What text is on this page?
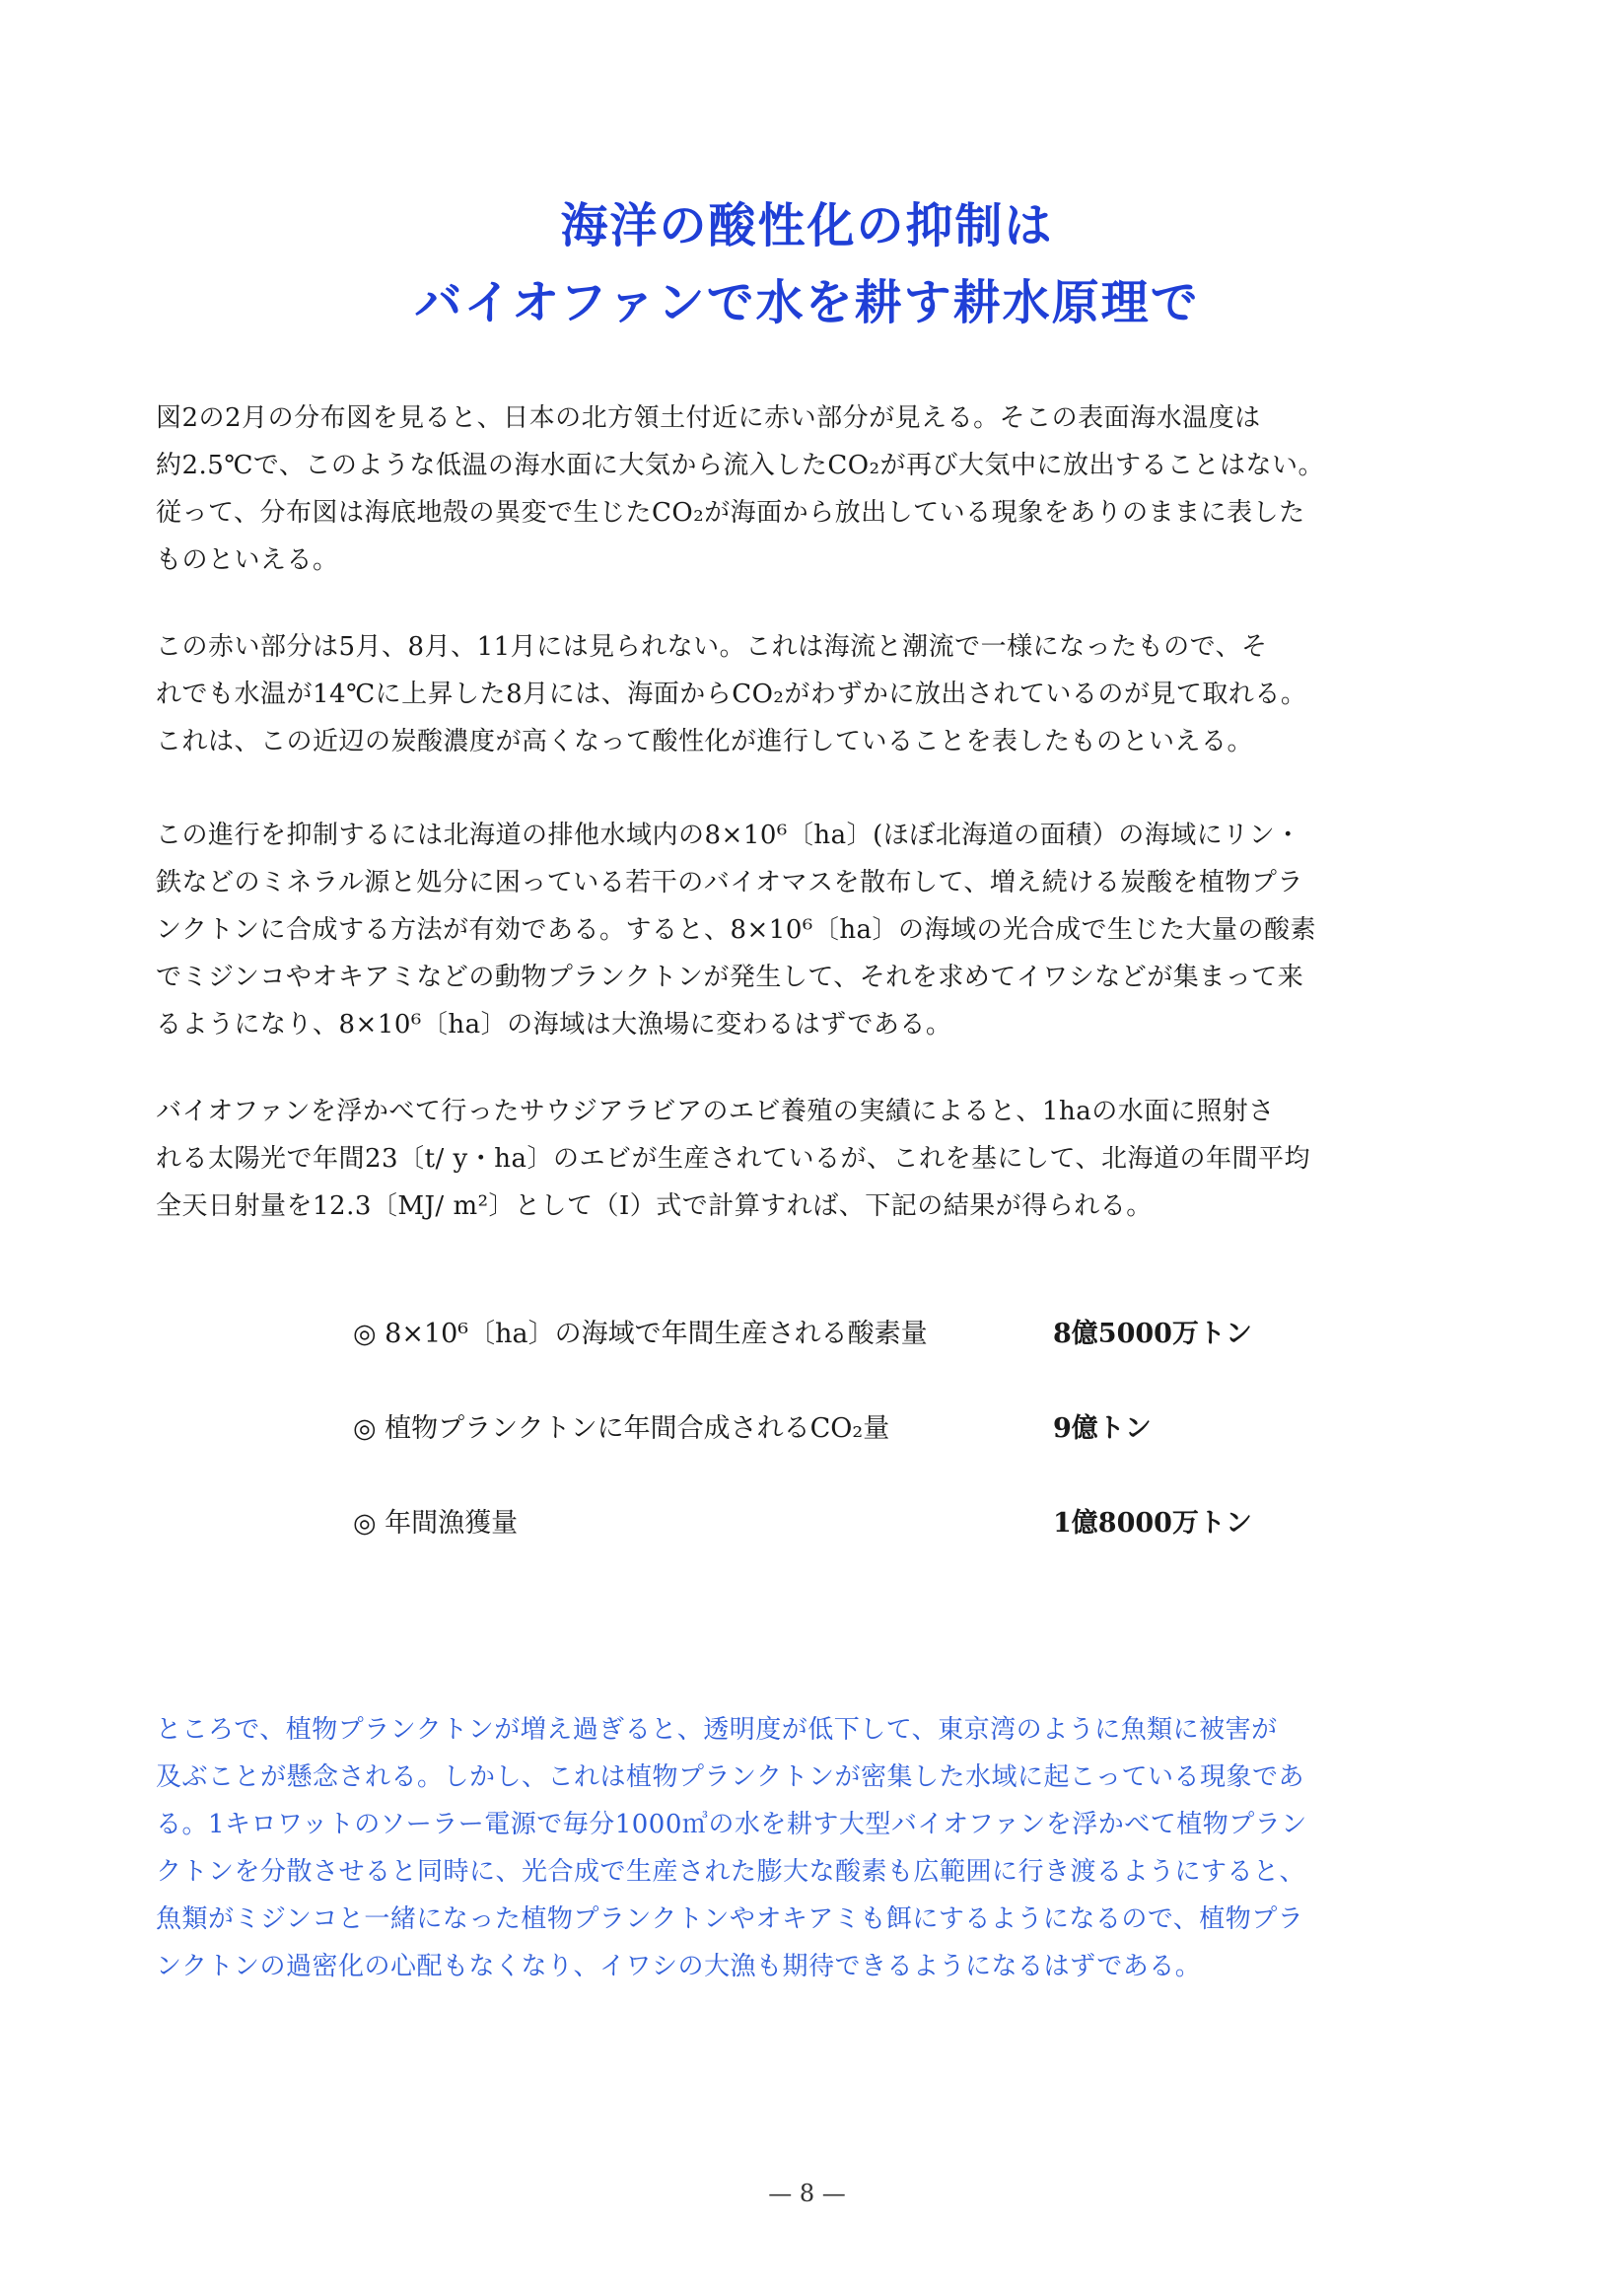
海洋の酸性化の抑制は
バイオファンで水を耕す耕水原理で

図2の2月の分布図を見ると、日本の北方領土付近に赤い部分が見える。そこの表面海水温度は

約2.5℃で、このような低温の海水面に大気から流入したCO₂が再び大気中に放出することはない。

従って、分布図は海底地殻の異変で生じたCO₂が海面から放出している現象をありのままに表した

ものといえる。

この赤い部分は5月、8月、11月には見られない。これは海流と潮流で一様になったもので、そ

れでも水温が14℃に上昇した8月には、海面からCO₂がわずかに放出されているのが見て取れる。

これは、この近辺の炭酸濃度が高くなって酸性化が進行していることを表したものといえる。

この進行を抑制するには北海道の排他水域内の8×10⁶〔ha〕(ほぼ北海道の面積）の海域にリン・

鉄などのミネラル源と処分に困っている若干のバイオマスを散布して、増え続ける炭酸を植物プラ

ンクトンに合成する方法が有効である。すると、8×10⁶〔ha〕の海域の光合成で生じた大量の酸素

でミジンコやオキアミなどの動物プランクトンが発生して、それを求めてイワシなどが集まって来

るようになり、8×10⁶〔ha〕の海域は大漁場に変わるはずである。

バイオファンを浮かべて行ったサウジアラビアのエビ養殖の実績によると、1haの水面に照射さ

れる太陽光で年間23〔t/ y・ha〕のエビが生産されているが、これを基にして、北海道の年間平均

全天日射量を12.3〔MJ/ m²〕として（Ⅰ）式で計算すれば、下記の結果が得られる。

◎ 8×10⁶〔ha〕の海域で年間生産される酸素量	8億5000万トン
◎ 植物プランクトンに年間合成されるCO₂量	9億トン
◎ 年間漁獲量	1億8000万トン

ところで、植物プランクトンが増え過ぎると、透明度が低下して、東京湾のように魚類に被害が

及ぶことが懸念される。しかし、これは植物プランクトンが密集した水域に起こっている現象であ

る。1キロワットのソーラー電源で毎分1000㎥の水を耕す大型バイオファンを浮かべて植物プラン

クトンを分散させると同時に、光合成で生産された膨大な酸素も広範囲に行き渡るようにすると、

魚類がミジンコと一緒になった植物プランクトンやオキアミも餌にするようになるので、植物プラ

ンクトンの過密化の心配もなくなり、イワシの大漁も期待できるようになるはずである。

— 8 —
